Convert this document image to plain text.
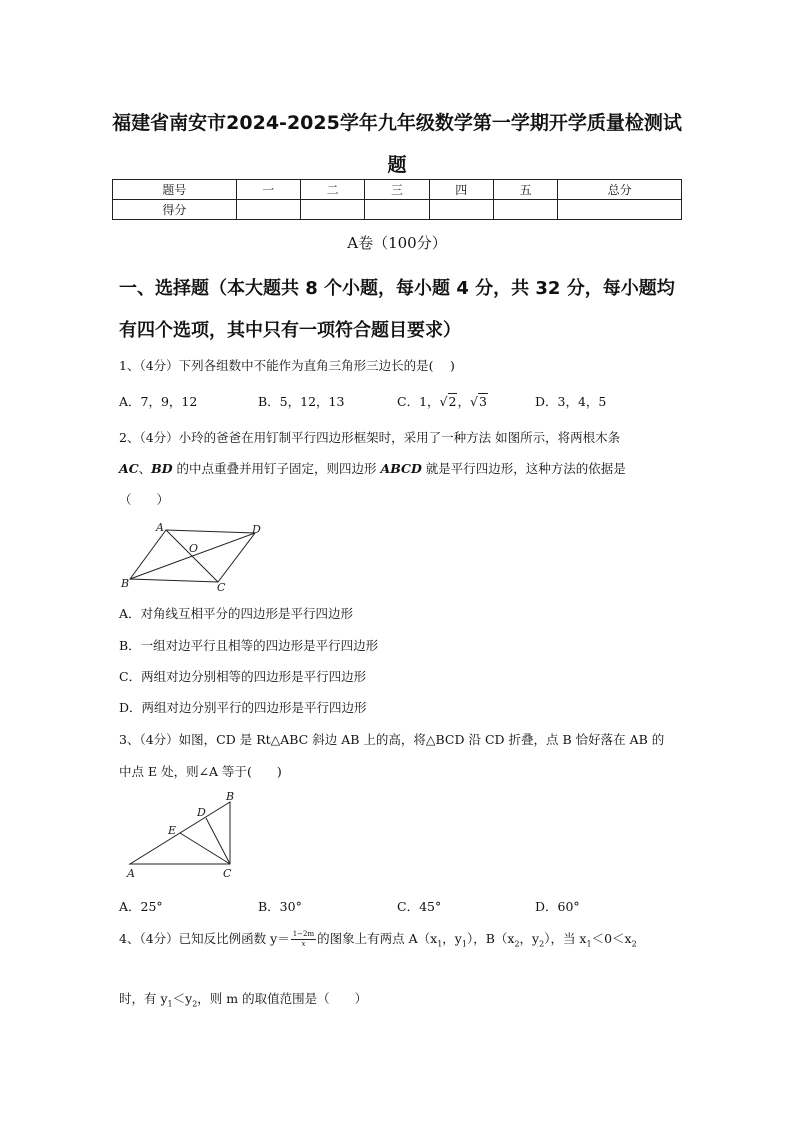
福建省南安市2024-2025学年九年级数学第一学期开学质量检测试
题
题号	一	二	三	四	五	总分
得分						
A卷（100分）
一、选择题（本大题共 8 个小题，每小题 4 分，共 32 分，每小题均
有四个选项，其中只有一项符合题目要求）
1、（4分）下列各组数中不能作为直角三角形三边长的是(　 )
A．7，9，12	B．5，12，13	C．1，√2，√3	D．3，4，5
2、（4分）小玲的爸爸在用钉制平行四边形框架时，采用了一种方法 如图所示，将两根木条
AC、BD 的中点重叠并用钉子固定，则四边形 ABCD 就是平行四边形，这种方法的依据是
（　　）
A
B	C
D
O
A．对角线互相平分的四边形是平行四边形
B．一组对边平行且相等的四边形是平行四边形
C．两组对边分别相等的四边形是平行四边形
D．两组对边分别平行的四边形是平行四边形
3、（4分）如图，CD 是 Rt△ABC 斜边 AB 上的高，将△BCD 沿 CD 折叠，点 B 恰好落在 AB 的
中点 E 处，则∠A 等于(　　)
A
B
C
D
E
A．25°	B．30°	C．45°	D．60°
4、（4分）已知反比例函数 $y= \frac{1-2m}{x}$ 的图象上有两点 $A(x_1$，$y_1$），$B(x_2$，$y_2$），当 $x_1<0<x_2$
时，有 $y_1<y_2$，则 m 的取值范围是（　　）
